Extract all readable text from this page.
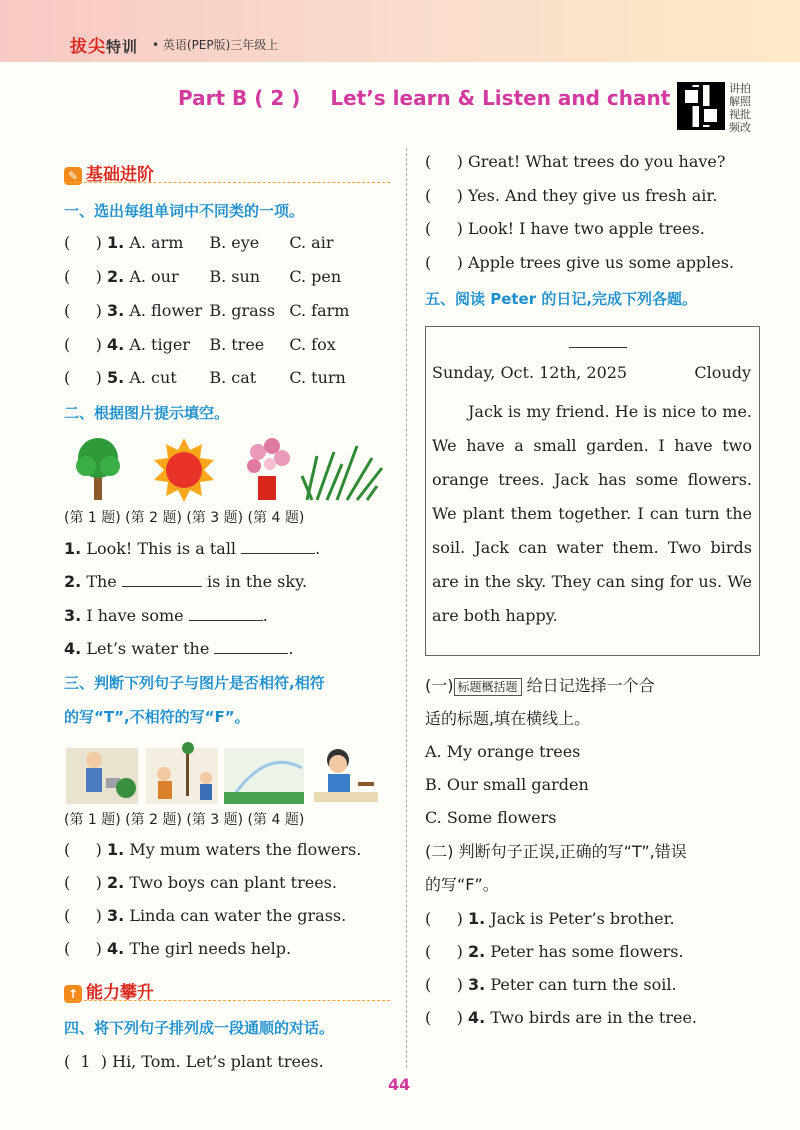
拔尖特训 • 英语(PEP版)三年级上
Part B ( 2 ) Let’s learn & Listen and chant	讲拍
解照
视批
频改
✎ 基础进阶
一、选出每组单词中不同类的一项。
(     ) 1. A. arm B. eye C. air
(     ) 2. A. our B. sun C. pen
(     ) 3. A. flower B. grass C. farm
(     ) 4. A. tiger B. tree C. fox
(     ) 5. A. cut B. cat C. turn
二、根据图片提示填空。
(第 1 题) (第 2 题) (第 3 题) (第 4 题)
1. Look! This is a tall	.
2. The	is in the sky.
3. I have some	.
4. Let’s water the	.
三、判断下列句子与图片是否相符,相符
的写“T”,不相符的写“F”。
(第 1 题) (第 2 题) (第 3 题) (第 4 题)
(     ) 1. My mum waters the flowers.
(     ) 2. Two boys can plant trees.
(     ) 3. Linda can water the grass.
(     ) 4. The girl needs help.
↑ 能力攀升
四、将下列句子排列成一段通顺的对话。
(  1  ) Hi, Tom. Let’s plant trees.
(     ) Great! What trees do you have?
(     ) Yes. And they give us fresh air.
(     ) Look! I have two apple trees.
(     ) Apple trees give us some apples.
五、阅读 Peter 的日记,完成下列各题。
Sunday, Oct. 12th, 2025	Cloudy
Jack is my friend. He is nice to me. We have a small garden. I have two orange trees. Jack has some flowers. We plant them together. I can turn the soil. Jack can water them. Two birds are in the sky. They can sing for us. We are both happy.
(一) 标题概括题 给日记选择一个合
适的标题,填在横线上。
A. My orange trees
B. Our small garden
C. Some flowers
(二) 判断句子正误,正确的写“T”,错误
的写“F”。
(     ) 1. Jack is Peter’s brother.
(     ) 2. Peter has some flowers.
(     ) 3. Peter can turn the soil.
(     ) 4. Two birds are in the tree.
44
